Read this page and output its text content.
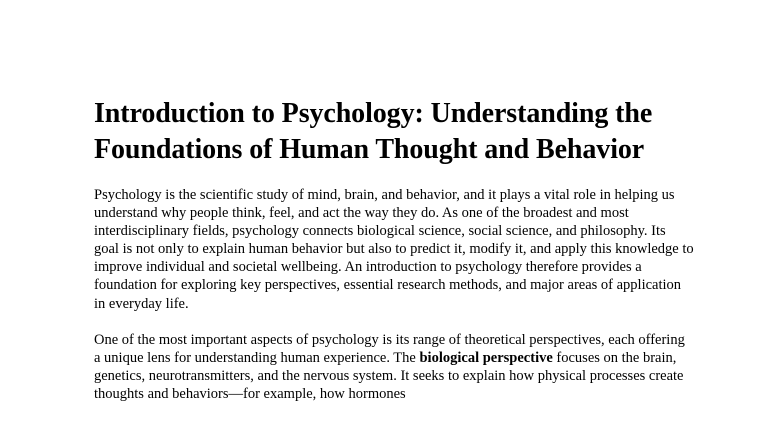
Introduction to Psychology: Understanding the Foundations of Human Thought and Behavior

Psychology is the scientific study of mind, brain, and behavior, and it plays a vital role in helping us understand why people think, feel, and act the way they do. As one of the broadest and most interdisciplinary fields, psychology connects biological science, social science, and philosophy. Its goal is not only to explain human behavior but also to predict it, modify it, and apply this knowledge to improve individual and societal wellbeing. An introduction to psychology therefore provides a foundation for exploring key perspectives, essential research methods, and major areas of application in everyday life.

One of the most important aspects of psychology is its range of theoretical perspectives, each offering a unique lens for understanding human experience. The biological perspective focuses on the brain, genetics, neurotransmitters, and the nervous system. It seeks to explain how physical processes create thoughts and behaviors—for example, how hormones
